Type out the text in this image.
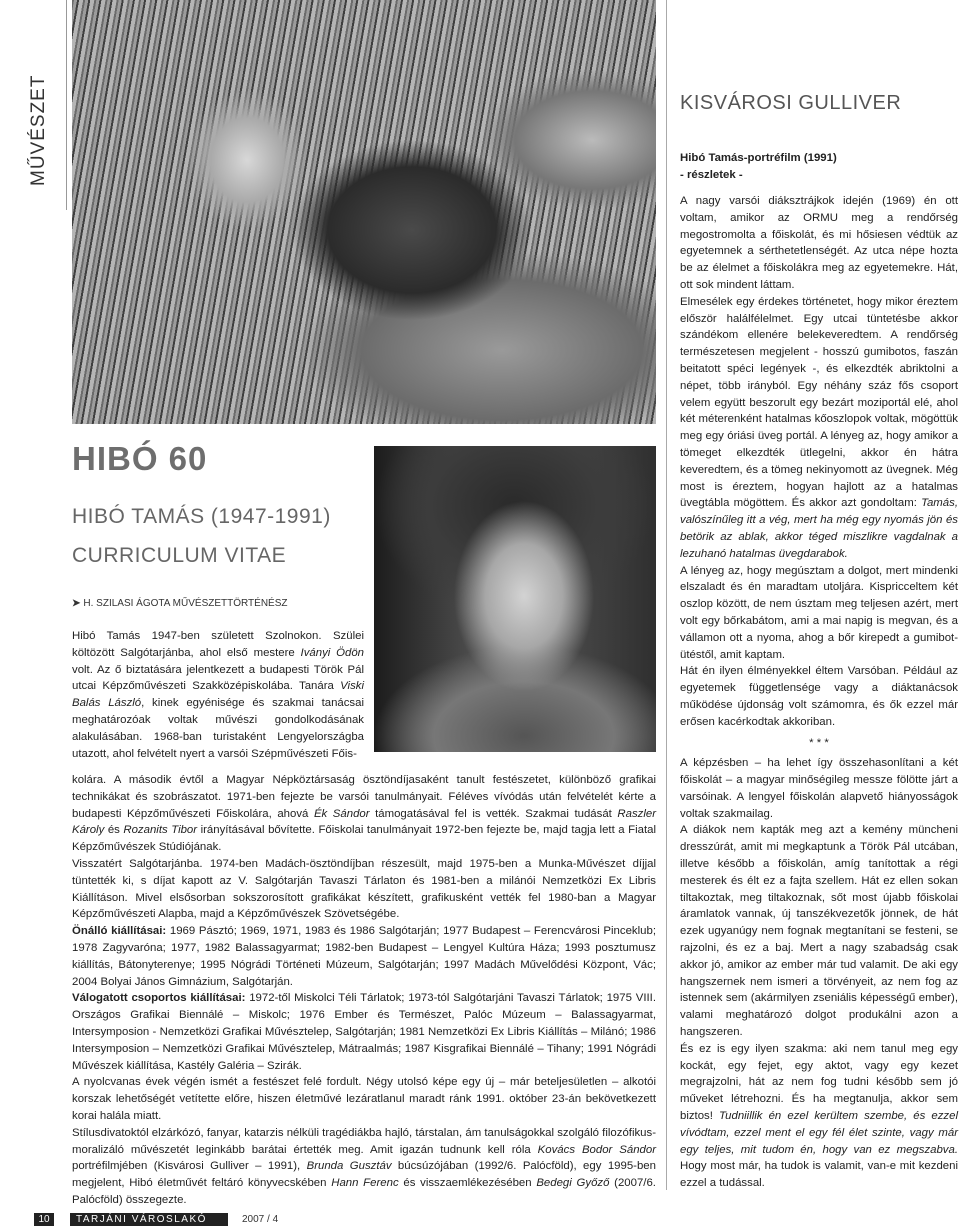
MŰVÉSZET
HIBÓ 60
HIBÓ TAMÁS (1947-1991)
CURRICULUM VITAE
➤ H. SZILASI ÁGOTA MŰVÉSZETTÖRTÉNÉSZ

Hibó Tamás 1947-ben született Szolnokon. Szülei költözött Salgótarjánba, ahol első mestere Iványi Ödön volt. Az ő biztatására jelentkezett a budapesti Török Pál utcai Képzőművészeti Szakközépiskolába. Tanára Viski Balás László, kinek egyénisége és szakmai tanácsai meghatározóak voltak művészi gondolkodásának alakulásában. 1968-ban turistaként Lengyelországba utazott, ahol felvételt nyert a varsói Szépművészeti Főis-

kolára. A második évtől a Magyar Népköztársaság ösztöndíjasaként tanult festészetet, különböző grafikai technikákat és szobrászatot. 1971-ben fejezte be varsói tanulmányait. Féléves vívódás után felvételét kérte a budapesti Képzőművészeti Főiskolára, ahová Ék Sándor támogatásával fel is vették. Szakmai tudását Raszler Károly és Rozanits Tibor irányításával bővítette. Főiskolai tanulmányait 1972-ben fejezte be, majd tagja lett a Fiatal Képzőművészek Stúdiójának.

Visszatért Salgótarjánba. 1974-ben Madách-ösztöndíjban részesült, majd 1975-ben a Munka-Művészet díjjal tüntették ki, s díjat kapott az V. Salgótarján Tavaszi Tárlaton és 1981-ben a milánói Nemzetközi Ex Libris Kiállításon. Mivel elsősorban sokszorosított grafikákat készített, grafikusként vették fel 1980-ban a Magyar Képzőművészeti Alapba, majd a Képzőművészek Szövetségébe.

Önálló kiállításai: 1969 Pásztó; 1969, 1971, 1983 és 1986 Salgótarján; 1977 Budapest – Ferencvárosi Pinceklub; 1978 Zagyvaróna; 1977, 1982 Balassagyarmat; 1982-ben Budapest – Lengyel Kultúra Háza; 1993 posztumusz kiállítás, Bátonyterenye; 1995 Nógrádi Történeti Múzeum, Salgótarján; 1997 Madách Művelődési Központ, Vác; 2004 Bolyai János Gimnázium, Salgótarján.

Válogatott csoportos kiállításai: 1972-től Miskolci Téli Tárlatok; 1973-tól Salgótarjáni Tavaszi Tárlatok; 1975 VIII. Országos Grafikai Biennálé – Miskolc; 1976 Ember és Természet, Palóc Múzeum – Balassagyarmat, Intersymposion - Nemzetközi Grafikai Művésztelep, Salgótarján; 1981 Nemzetközi Ex Libris Kiállítás – Milánó; 1986 Intersymposion – Nemzetközi Grafikai Művésztelep, Mátraalmás; 1987 Kisgrafikai Biennálé – Tihany; 1991 Nógrádi Művészek kiállítása, Kastély Galéria – Szirák.

A nyolcvanas évek végén ismét a festészet felé fordult. Négy utolsó képe egy új – már beteljesületlen – alkotói korszak lehetőségét vetítette előre, hiszen életművé lezáratlanul maradt ránk 1991. október 23-án bekövetkezett korai halála miatt.

Stílusdivatoktól elzárkózó, fanyar, katarzis nélküli tragédiákba hajló, társtalan, ám tanulságokkal szolgáló filozófikus-moralizáló művészetét leginkább barátai értették meg. Amit igazán tudnunk kell róla Kovács Bodor Sándor portréfilmjében (Kisvárosi Gulliver – 1991), Brunda Gusztáv búcsúzójában (1992/6. Palócföld), egy 1995-ben megjelent, Hibó életművét feltáró könyvecskében Hann Ferenc és visszaemlékezésében Bedegi Győző (2007/6. Palócföld) összegezte.

KISVÁROSI GULLIVER
Hibó Tamás-portréfilm (1991)
- részletek -

A nagy varsói diáksztrájkok idején (1969) én ott voltam, amikor az ORMU meg a rendőrség megostromolta a főiskolát, és mi hősiesen védtük az egyetemnek a sérthetetlenségét. Az utca népe hozta be az élelmet a főiskolákra meg az egyetemekre. Hát, ott sok mindent láttam.

Elmesélek egy érdekes történetet, hogy mikor éreztem először halálfélelmet. Egy utcai tüntetésbe akkor szándékom ellenére belekeveredtem. A rendőrség természetesen megjelent - hosszú gumibotos, faszán beitatott spéci legények -, és elkezdték abriktolni a népet, több irányból. Egy néhány száz fős csoport velem együtt beszorult egy bezárt moziportál elé, ahol két méterenként hatalmas kőoszlopok voltak, mögöttük meg egy óriási üveg portál. A lényeg az, hogy amikor a tömeget elkezdték ütlegelni, akkor én hátra keveredtem, és a tömeg nekinyomott az üvegnek. Még most is éreztem, hogyan hajlott az a hatalmas üvegtábla mögöttem. És akkor azt gondoltam: Tamás, valószínűleg itt a vég, mert ha még egy nyomás jön és betörik az ablak, akkor téged miszlikre vagdalnak a lezuhanó hatalmas üvegdarabok.

A lényeg az, hogy megúsztam a dolgot, mert mindenki elszaladt és én maradtam utoljára. Kispricceltem két oszlop között, de nem úsztam meg teljesen azért, mert volt egy bőrkabátom, ami a mai napig is megvan, és a vállamon ott a nyoma, ahog a bőr kirepedt a gumibot-ütéstől, amit kaptam.

Hát én ilyen élményekkel éltem Varsóban. Például az egyetemek függetlensége vagy a diáktanácsok működése újdonság volt számomra, és ők ezzel már erősen kacérkodtak akkoriban.

* * *

A képzésben – ha lehet így összehasonlítani a két főiskolát – a magyar minőségileg messze fölötte járt a varsóinak. A lengyel főiskolán alapvető hiányosságok voltak szakmailag.

A diákok nem kapták meg azt a kemény müncheni dresszúrát, amit mi megkaptunk a Török Pál utcában, illetve később a főiskolán, amíg tanítottak a régi mesterek és élt ez a fajta szellem. Hát ez ellen sokan tiltakoztak, meg tiltakoznak, sőt most újabb főiskolai áramlatok vannak, új tanszékvezetők jönnek, de hát ezek ugyanúgy nem fognak megtanítani se festeni, se rajzolni, és ez a baj. Mert a nagy szabadság csak akkor jó, amikor az ember már tud valamit. De aki egy hangszernek nem ismeri a törvényeit, az nem fog az istennek sem (akármilyen zseniális képességű ember), valami meghatározó dolgot produkálni azon a hangszeren.

És ez is egy ilyen szakma: aki nem tanul meg egy kockát, egy fejet, egy aktot, vagy egy kezet megrajzolni, hát az nem fog tudni később sem jó műveket létrehozni. És ha megtanulja, akkor sem biztos! Tudniillik én ezel kerültem szembe, és ezzel vívódtam, ezzel ment el egy fél élet szinte, vagy már egy teljes, mit tudom én, hogy van ez megszabva. Hogy most már, ha tudok is valamit, van-e mit kezdeni ezzel a tudással.

10	TARJÁNI VÁROSLAKÓ	2007 / 4
